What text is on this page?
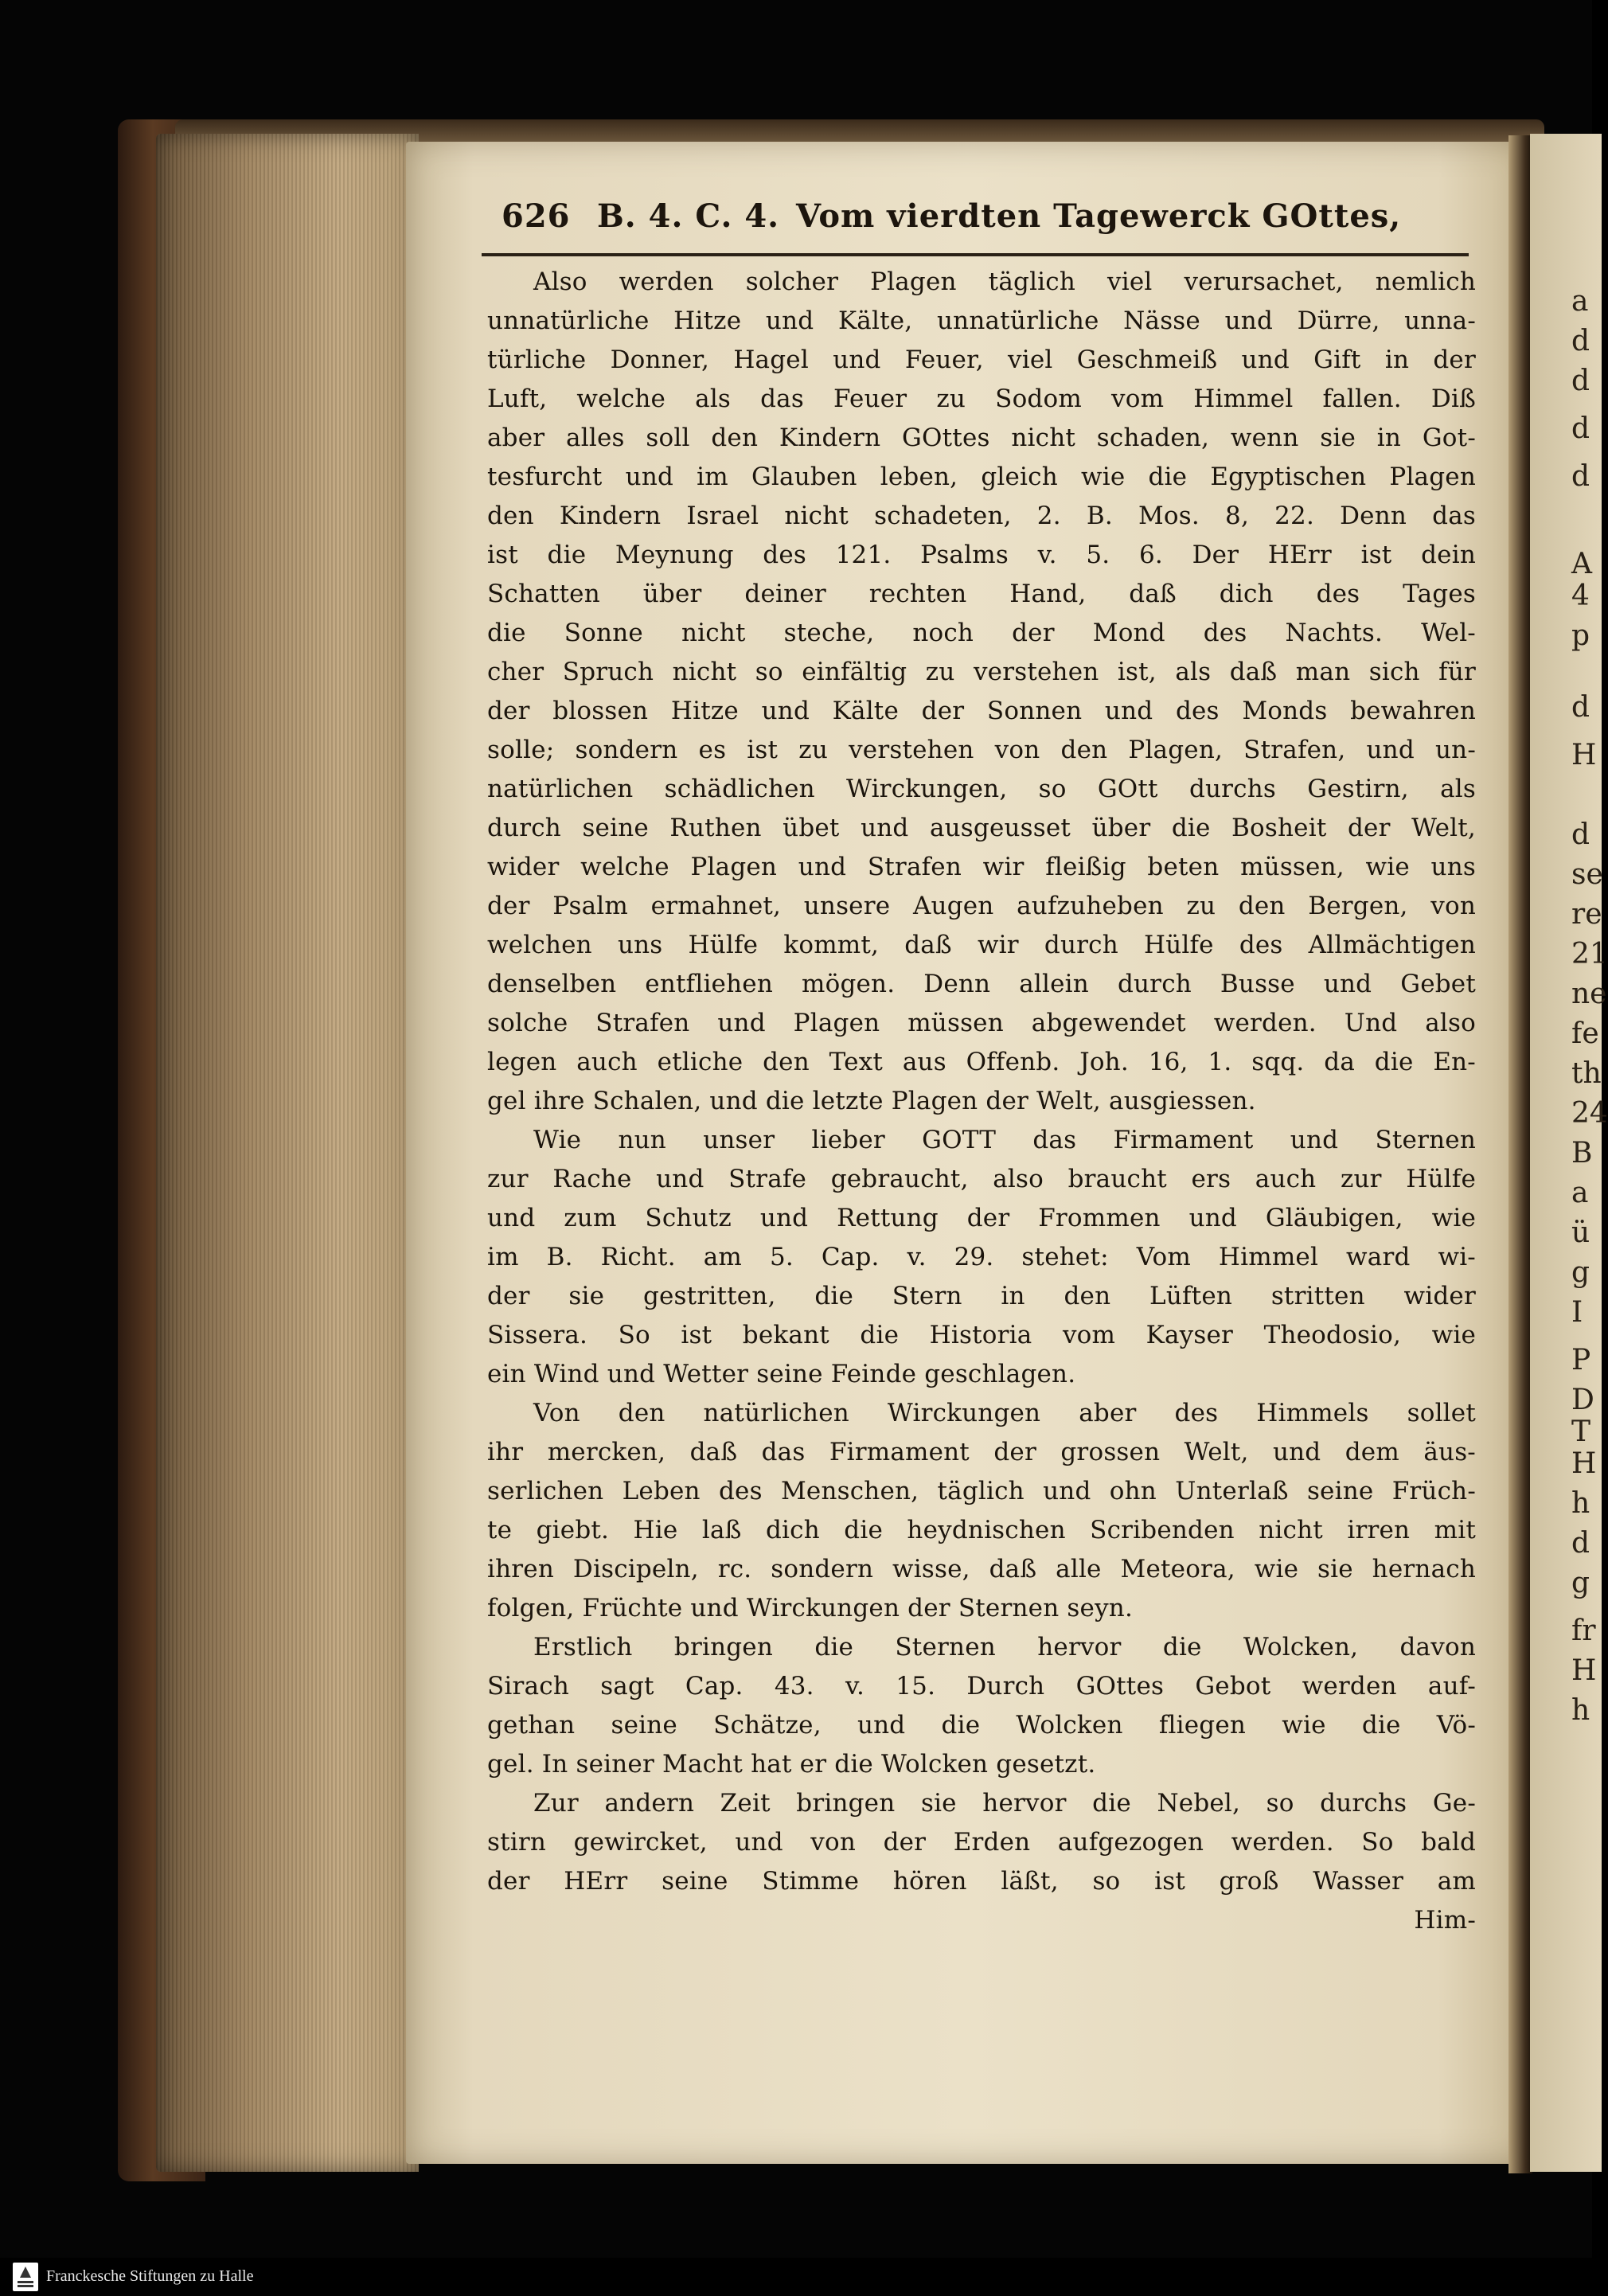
a
d
d
d
d
A
4
p
d
H
d
se
re
21
ne
fe
th
24
B
a
ü
g
I
P
D
T
H
h
d
g
fr
H
h
626 B. 4. C. 4. Vom vierdten Tagewerck GOttes,
Also werden solcher Plagen täglich viel verursachet, nemlich
unnatürliche Hitze und Kälte, unnatürliche Nässe und Dürre, unna-
türliche Donner, Hagel und Feuer, viel Geschmeiß und Gift in der
Luft, welche als das Feuer zu Sodom vom Himmel fallen. Diß
aber alles soll den Kindern GOttes nicht schaden, wenn sie in Got-
tesfurcht und im Glauben leben, gleich wie die Egyptischen Plagen
den Kindern Israel nicht schadeten, 2. B. Mos. 8, 22. Denn das
ist die Meynung des 121. Psalms v. 5. 6. Der HErr ist dein
Schatten über deiner rechten Hand, daß dich des Tages
die Sonne nicht steche, noch der Mond des Nachts. Wel-
cher Spruch nicht so einfältig zu verstehen ist, als daß man sich für
der blossen Hitze und Kälte der Sonnen und des Monds bewahren
solle; sondern es ist zu verstehen von den Plagen, Strafen, und un-
natürlichen schädlichen Wirckungen, so GOtt durchs Gestirn, als
durch seine Ruthen übet und ausgeusset über die Bosheit der Welt,
wider welche Plagen und Strafen wir fleißig beten müssen, wie uns
der Psalm ermahnet, unsere Augen aufzuheben zu den Bergen, von
welchen uns Hülfe kommt, daß wir durch Hülfe des Allmächtigen
denselben entfliehen mögen. Denn allein durch Busse und Gebet
solche Strafen und Plagen müssen abgewendet werden. Und also
legen auch etliche den Text aus Offenb. Joh. 16, 1. sqq. da die En-
gel ihre Schalen, und die letzte Plagen der Welt, ausgiessen.
Wie nun unser lieber GOTT das Firmament und Sternen
zur Rache und Strafe gebraucht, also braucht ers auch zur Hülfe
und zum Schutz und Rettung der Frommen und Gläubigen, wie
im B. Richt. am 5. Cap. v. 29. stehet: Vom Himmel ward wi-
der sie gestritten, die Stern in den Lüften stritten wider
Sissera. So ist bekant die Historia vom Kayser Theodosio, wie
ein Wind und Wetter seine Feinde geschlagen.
Von den natürlichen Wirckungen aber des Himmels sollet
ihr mercken, daß das Firmament der grossen Welt, und dem äus-
serlichen Leben des Menschen, täglich und ohn Unterlaß seine Früch-
te giebt. Hie laß dich die heydnischen Scribenden nicht irren mit
ihren Discipeln, rc. sondern wisse, daß alle Meteora, wie sie hernach
folgen, Früchte und Wirckungen der Sternen seyn.
Erstlich bringen die Sternen hervor die Wolcken, davon
Sirach sagt Cap. 43. v. 15. Durch GOttes Gebot werden auf-
gethan seine Schätze, und die Wolcken fliegen wie die Vö-
gel. In seiner Macht hat er die Wolcken gesetzt.
Zur andern Zeit bringen sie hervor die Nebel, so durchs Ge-
stirn gewircket, und von der Erden aufgezogen werden. So bald
der HErr seine Stimme hören läßt, so ist groß Wasser am
Him-
Franckesche Stiftungen zu Halle
